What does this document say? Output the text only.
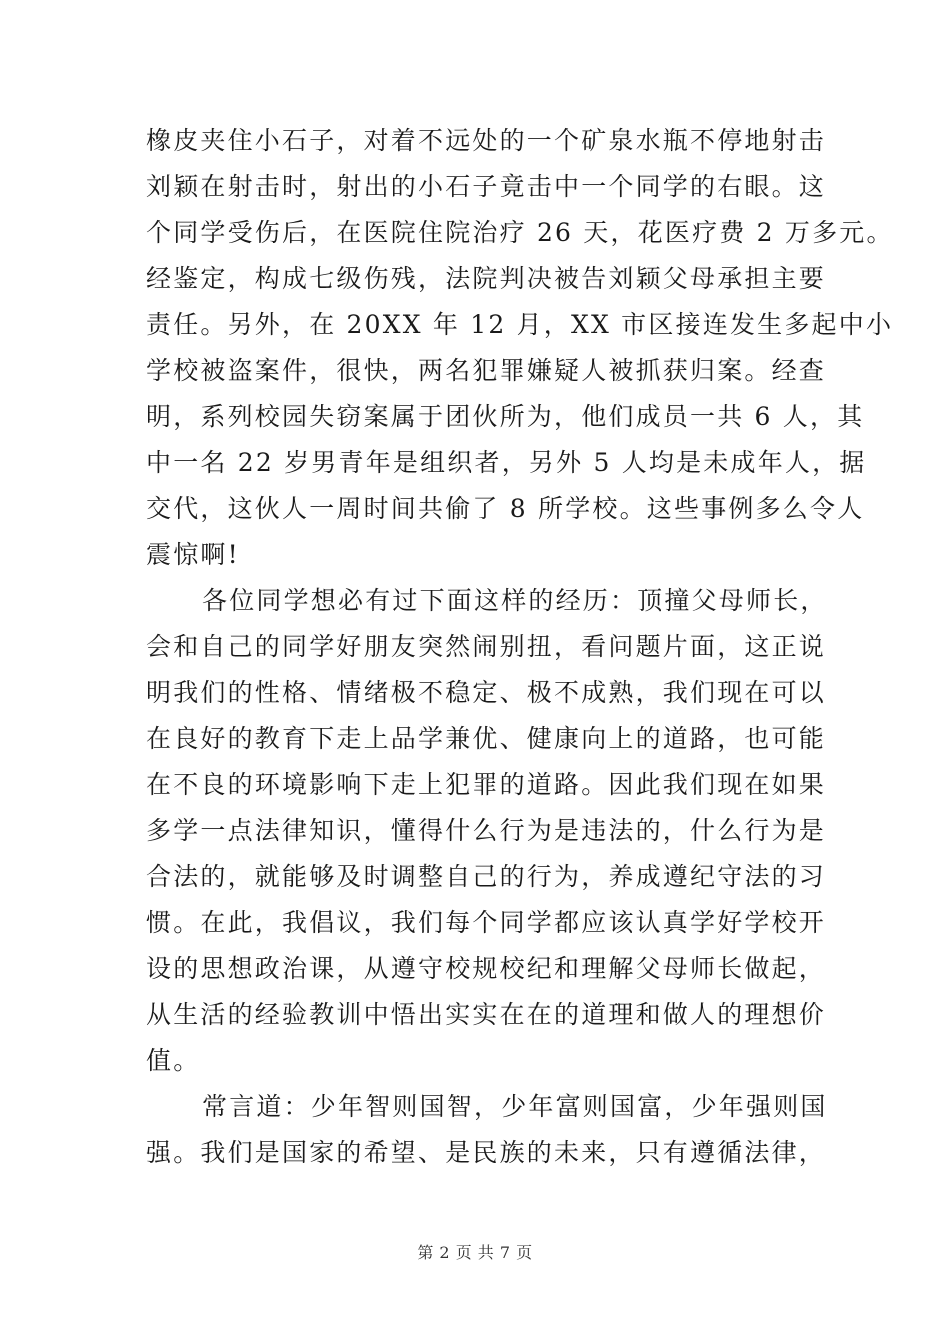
橡皮夹住小石子，对着不远处的一个矿泉水瓶不停地射击
刘颖在射击时，射出的小石子竟击中一个同学的右眼。这
个同学受伤后，在医院住院治疗 26 天，花医疗费 2 万多元。
经鉴定，构成七级伤残，法院判决被告刘颖父母承担主要
责任。另外，在 20XX 年 12 月，XX 市区接连发生多起中小
学校被盗案件，很快，两名犯罪嫌疑人被抓获归案。经查
明，系列校园失窃案属于团伙所为，他们成员一共 6 人，其
中一名 22 岁男青年是组织者，另外 5 人均是未成年人，据
交代，这伙人一周时间共偷了 8 所学校。这些事例多么令人
震惊啊!
各位同学想必有过下面这样的经历：顶撞父母师长，
会和自己的同学好朋友突然闹别扭，看问题片面，这正说
明我们的性格、情绪极不稳定、极不成熟，我们现在可以
在良好的教育下走上品学兼优、健康向上的道路，也可能
在不良的环境影响下走上犯罪的道路。因此我们现在如果
多学一点法律知识，懂得什么行为是违法的，什么行为是
合法的，就能够及时调整自己的行为，养成遵纪守法的习
惯。在此，我倡议，我们每个同学都应该认真学好学校开
设的思想政治课，从遵守校规校纪和理解父母师长做起，
从生活的经验教训中悟出实实在在的道理和做人的理想价
值。
常言道：少年智则国智，少年富则国富，少年强则国
强。我们是国家的希望、是民族的未来，只有遵循法律，
第 2 页 共 7 页
